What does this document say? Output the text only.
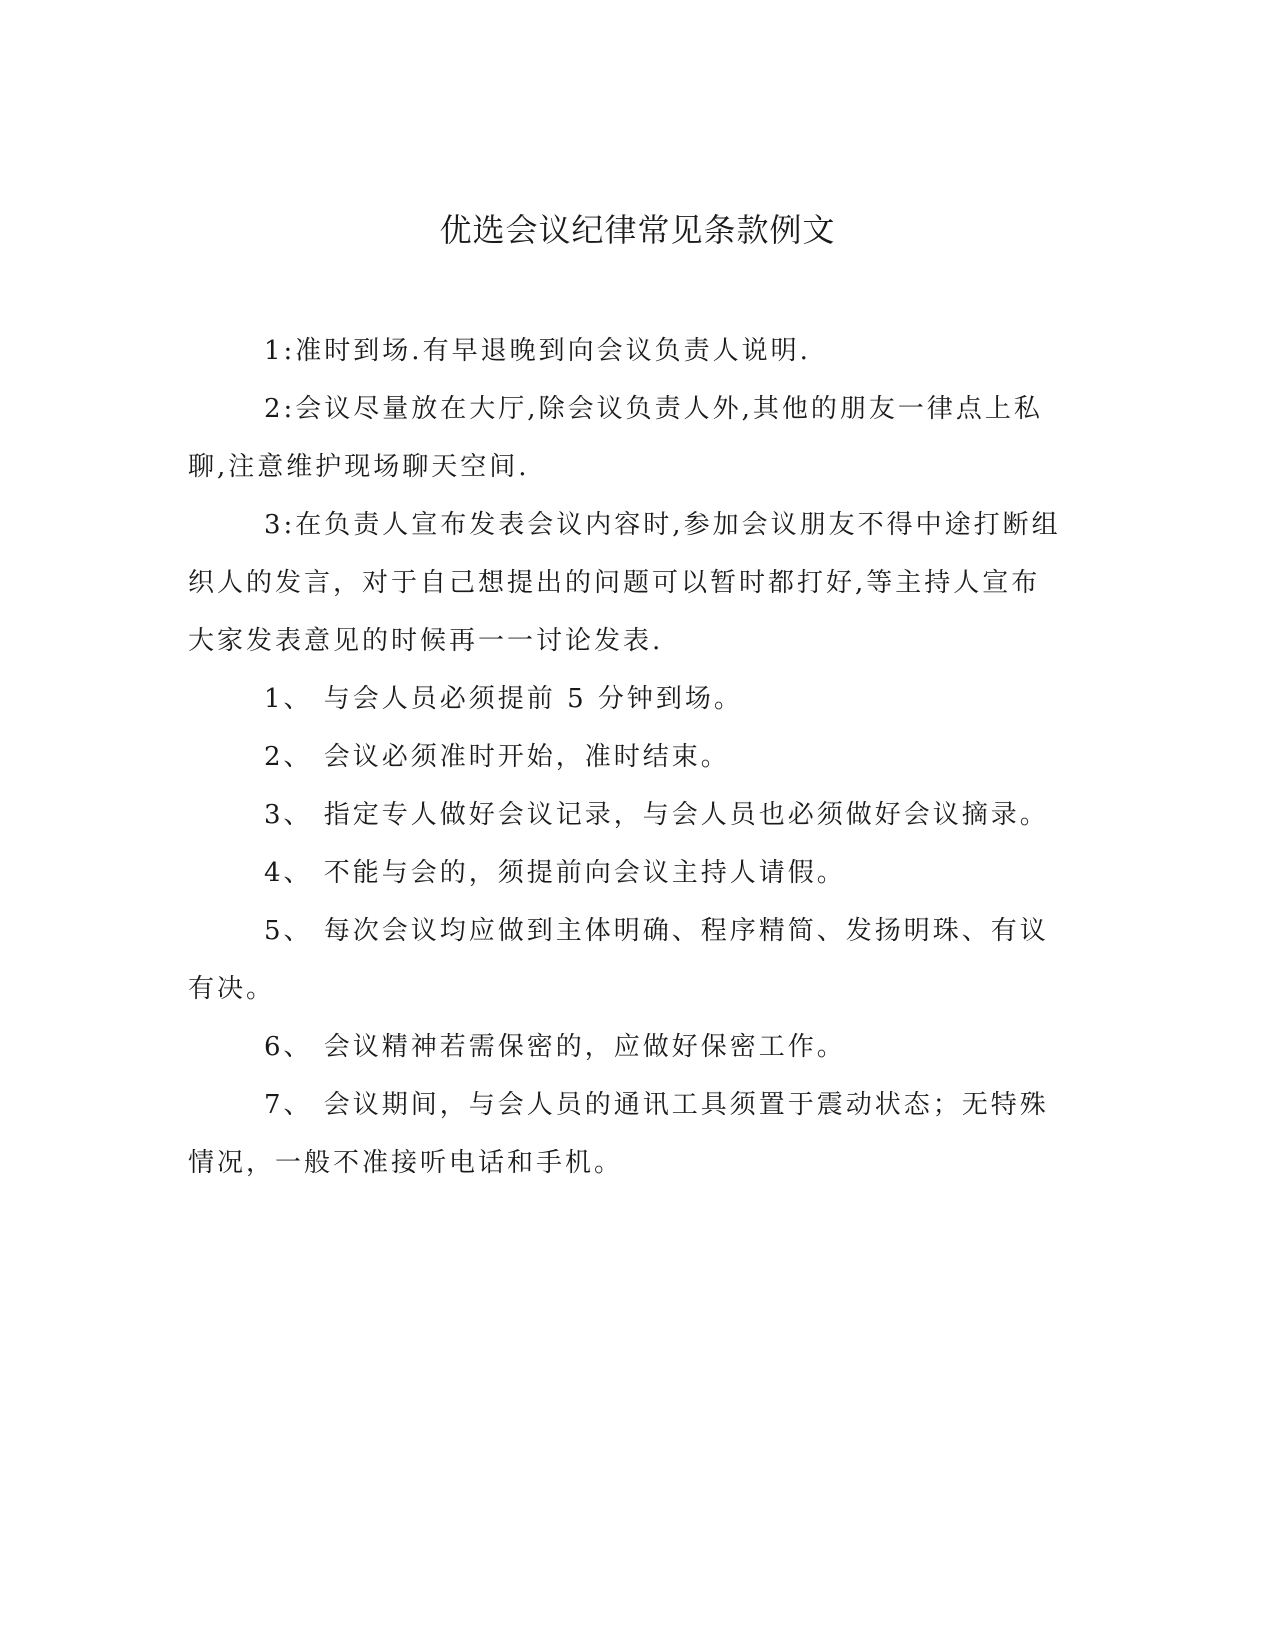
优选会议纪律常见条款例文

1:准时到场.有早退晚到向会议负责人说明.

2:会议尽量放在大厅,除会议负责人外,其他的朋友一律点上私聊,注意维护现场聊天空间.

3:在负责人宣布发表会议内容时,参加会议朋友不得中途打断组织人的发言，对于自己想提出的问题可以暂时都打好,等主持人宣布大家发表意见的时候再一一讨论发表.

1、 与会人员必须提前 5 分钟到场。

2、 会议必须准时开始，准时结束。

3、 指定专人做好会议记录，与会人员也必须做好会议摘录。

4、 不能与会的，须提前向会议主持人请假。

5、 每次会议均应做到主体明确、程序精简、发扬明珠、有议有决。

6、 会议精神若需保密的，应做好保密工作。

7、 会议期间，与会人员的通讯工具须置于震动状态；无特殊情况，一般不准接听电话和手机。
